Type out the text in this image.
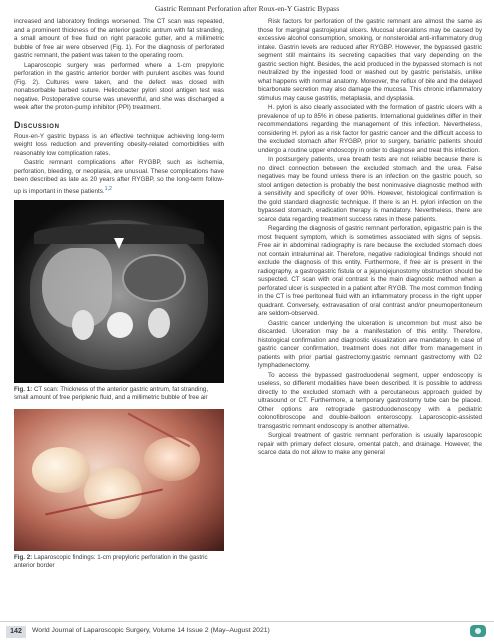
Gastric Remnant Perforation after Roux-en-Y Gastric Bypass

increased and laboratory findings worsened. The CT scan was repeated, and a prominent thickness of the anterior gastric antrum with fat stranding, a small amount of free fluid on right paracolic gutter, and a millimetric bubble of free air were observed (Fig. 1). For the diagnosis of perforated gastric remnant, the patient was taken to the operating room.

Laparoscopic surgery was performed where a 1-cm prepyloric perforation in the gastric anterior border with purulent ascites was found (Fig. 2). Cultures were taken, and the defect was closed with nonabsorbable barbed suture. Helicobacter pylori stool antigen test was negative. Postoperative course was uneventful, and she was discharged a week after the proton-pump inhibitor (PPI) treatment.

Discussion

Roux-en-Y gastric bypass is an effective technique achieving long-term weight loss reduction and preventing obesity-related comorbidities with reasonably low complication rates.

Gastric remnant complications after RYGBP, such as ischemia, perforation, bleeding, or neoplasia, are unusual. These complications have been described as late as 20 years after RYGBP, so the long-term follow-up is important in these patients.$^{1,2}$

Fig. 1: CT scan: Thickness of the anterior gastric antrum, fat stranding, small amount of free periplenic fluid, and a millimetric bubble of free air
Fig. 2: Laparoscopic findings: 1-cm prepyloric perforation in the gastric anterior border

Risk factors for perforation of the gastric remnant are almost the same as those for marginal gastrojejunal ulcers. Mucosal ulcerations may be caused by excessive alcohol consumption, smoking, or nonsteroidal anti-inflammatory drug intake. Gastrin levels are reduced after RYGBP. However, the bypassed gastric segment still maintains its secreting capacities that vary depending on the gastric section hight. Besides, the acid produced in the bypassed stomach is not neutralized by the ingested food or washed out by gastric peristalsis, unlike what happens with normal anatomy. Moreover, the reflux of bile and the delayed bicarbonate secretion may also damage the mucosa. This chronic inflammatory stimulus may cause gastritis, metaplasia, and dysplasia.

H. pylori is also clearly associated with the formation of gastric ulcers with a prevalence of up to 85% in obese patients. International guidelines differ in their recommendations regarding the management of this infection. Nevertheless, considering H. pylori as a risk factor for gastric cancer and the difficult access to the excluded stomach after RYGBP, prior to surgery, bariatric patients should undergo a routine upper endoscopy in order to diagnose and treat this infection.

In postsurgery patients, urea breath tests are not reliable because there is no direct connection between the excluded stomach and the urea. False negatives may be found unless there is an infection on the gastric pouch, so stool antigen detection is probably the best noninvasive diagnostic method with a sensitivity and specificity of over 90%. However, histological confirmation is the gold standard diagnostic technique. If there is an H. pylori infection on the bypassed stomach, eradication therapy is mandatory. Nevertheless, there are scarce data regarding treatment success rates in these patients.

Regarding the diagnosis of gastric remnant perforation, epigastric pain is the most frequent symptom, which is sometimes associated with signs of sepsis. Free air in abdominal radiography is rare because the excluded stomach does not contain intraluminal air. Therefore, negative radiological findings should not exclude the diagnosis of this entity. Furthermore, if free air is present in the radiography, a gastrogastric fistula or a jejunojejunostomy obstruction should be suspected. CT scan with oral contrast is the main diagnostic method when a perforated ulcer is suspected in a patient after RYGB. The most common finding in the CT is free peritoneal fluid with an inflammatory process in the right upper quadrant. Conversely, extravasation of oral contrast and/or pneumoperitoneum are seldom-observed.

Gastric cancer underlying the ulceration is uncommon but must also be discarded. Ulceration may be a manifestation of this entity. Therefore, histological confirmation and diagnostic visualization are mandatory. In case of gastric cancer confirmation, treatment does not differ from management in patients with prior partial gastrectomy:gastric remnant gastrectomy with D2 lymphadenectomy.

To access the bypassed gastroduodenal segment, upper endoscopy is useless, so different modalities have been described. It is possible to address directly to the excluded stomach with a percutaneous approach guided by ultrasound or CT. Furthermore, a temporary gastrostomy tube can be placed. Other options are retrograde gastroduodenoscopy with a pediatric colonofibroscope and double-balloon enteroscopy. Laparoscopic-assisted transgastric remnant endoscopy is another alternative.

Surgical treatment of gastric remnant perforation is usually laparoscopic repair with primary defect closure, omental patch, and drainage. However, the scarce data do not allow to make any general

142	World Journal of Laparoscopic Surgery, Volume 14 Issue 2 (May–August 2021)
